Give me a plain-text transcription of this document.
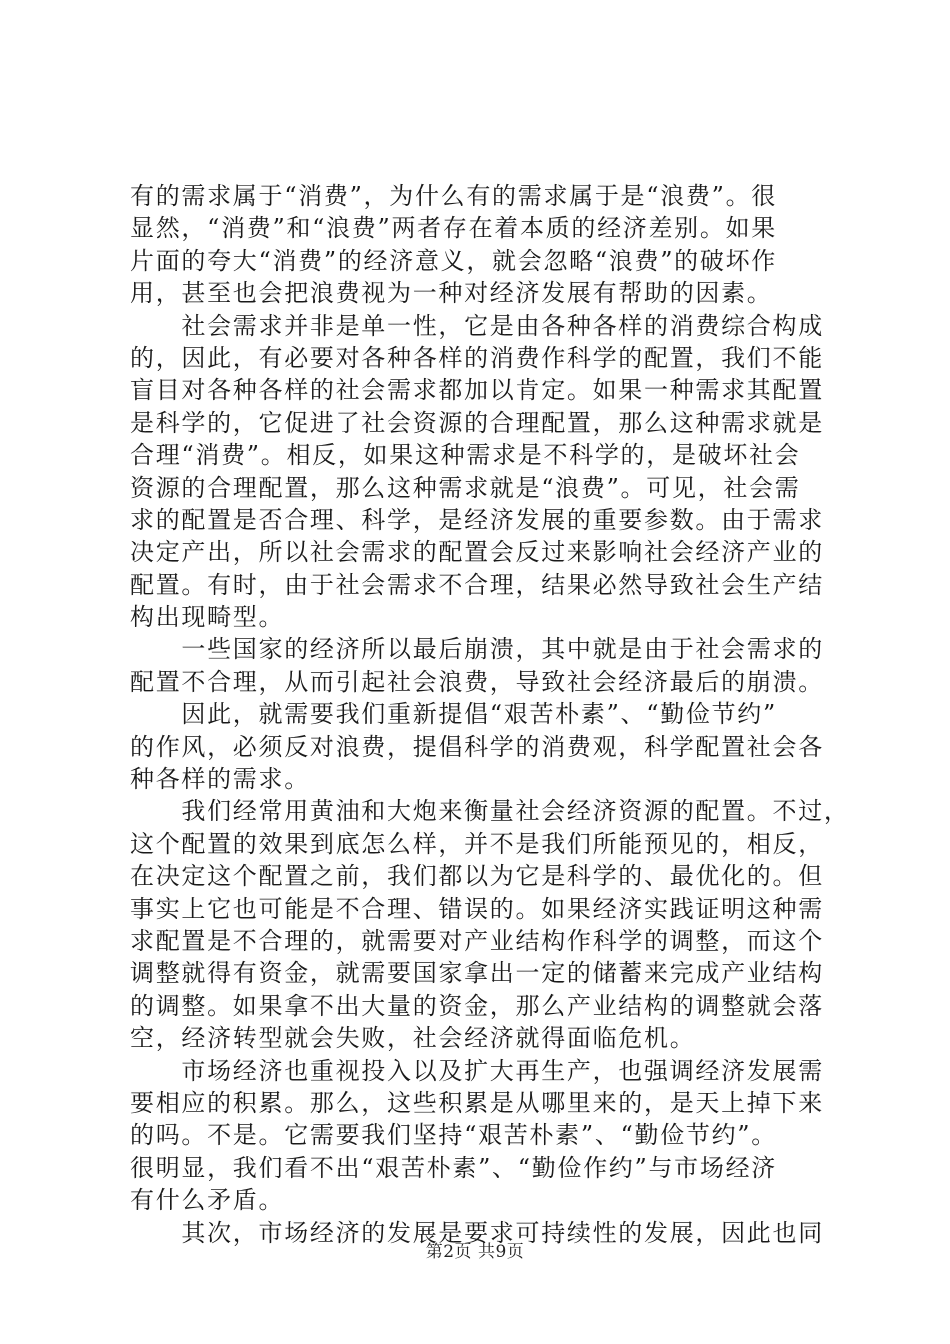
有的需求属于“消费”，为什么有的需求属于是“浪费”。很
显然，“消费”和“浪费”两者存在着本质的经济差别。如果
片面的夸大“消费”的经济意义，就会忽略“浪费”的破坏作
用，甚至也会把浪费视为一种对经济发展有帮助的因素。
　　社会需求并非是单一性，它是由各种各样的消费综合构成
的，因此，有必要对各种各样的消费作科学的配置，我们不能
盲目对各种各样的社会需求都加以肯定。如果一种需求其配置
是科学的，它促进了社会资源的合理配置，那么这种需求就是
合理“消费”。相反，如果这种需求是不科学的，是破坏社会
资源的合理配置，那么这种需求就是“浪费”。可见，社会需
求的配置是否合理、科学，是经济发展的重要参数。由于需求
决定产出，所以社会需求的配置会反过来影响社会经济产业的
配置。有时，由于社会需求不合理，结果必然导致社会生产结
构出现畸型。
　　一些国家的经济所以最后崩溃，其中就是由于社会需求的
配置不合理，从而引起社会浪费，导致社会经济最后的崩溃。
　　因此，就需要我们重新提倡“艰苦朴素”、“勤俭节约”
的作风，必须反对浪费，提倡科学的消费观，科学配置社会各
种各样的需求。
　　我们经常用黄油和大炮来衡量社会经济资源的配置。不过，
这个配置的效果到底怎么样，并不是我们所能预见的，相反，
在决定这个配置之前，我们都以为它是科学的、最优化的。但
事实上它也可能是不合理、错误的。如果经济实践证明这种需
求配置是不合理的，就需要对产业结构作科学的调整，而这个
调整就得有资金，就需要国家拿出一定的储蓄来完成产业结构
的调整。如果拿不出大量的资金，那么产业结构的调整就会落
空，经济转型就会失败，社会经济就得面临危机。
　　市场经济也重视投入以及扩大再生产，也强调经济发展需
要相应的积累。那么，这些积累是从哪里来的，是天上掉下来
的吗。不是。它需要我们坚持“艰苦朴素”、“勤俭节约”。
很明显，我们看不出“艰苦朴素”、“勤俭作约”与市场经济
有什么矛盾。
　　其次，市场经济的发展是要求可持续性的发展，因此也同
第2页 共9页
